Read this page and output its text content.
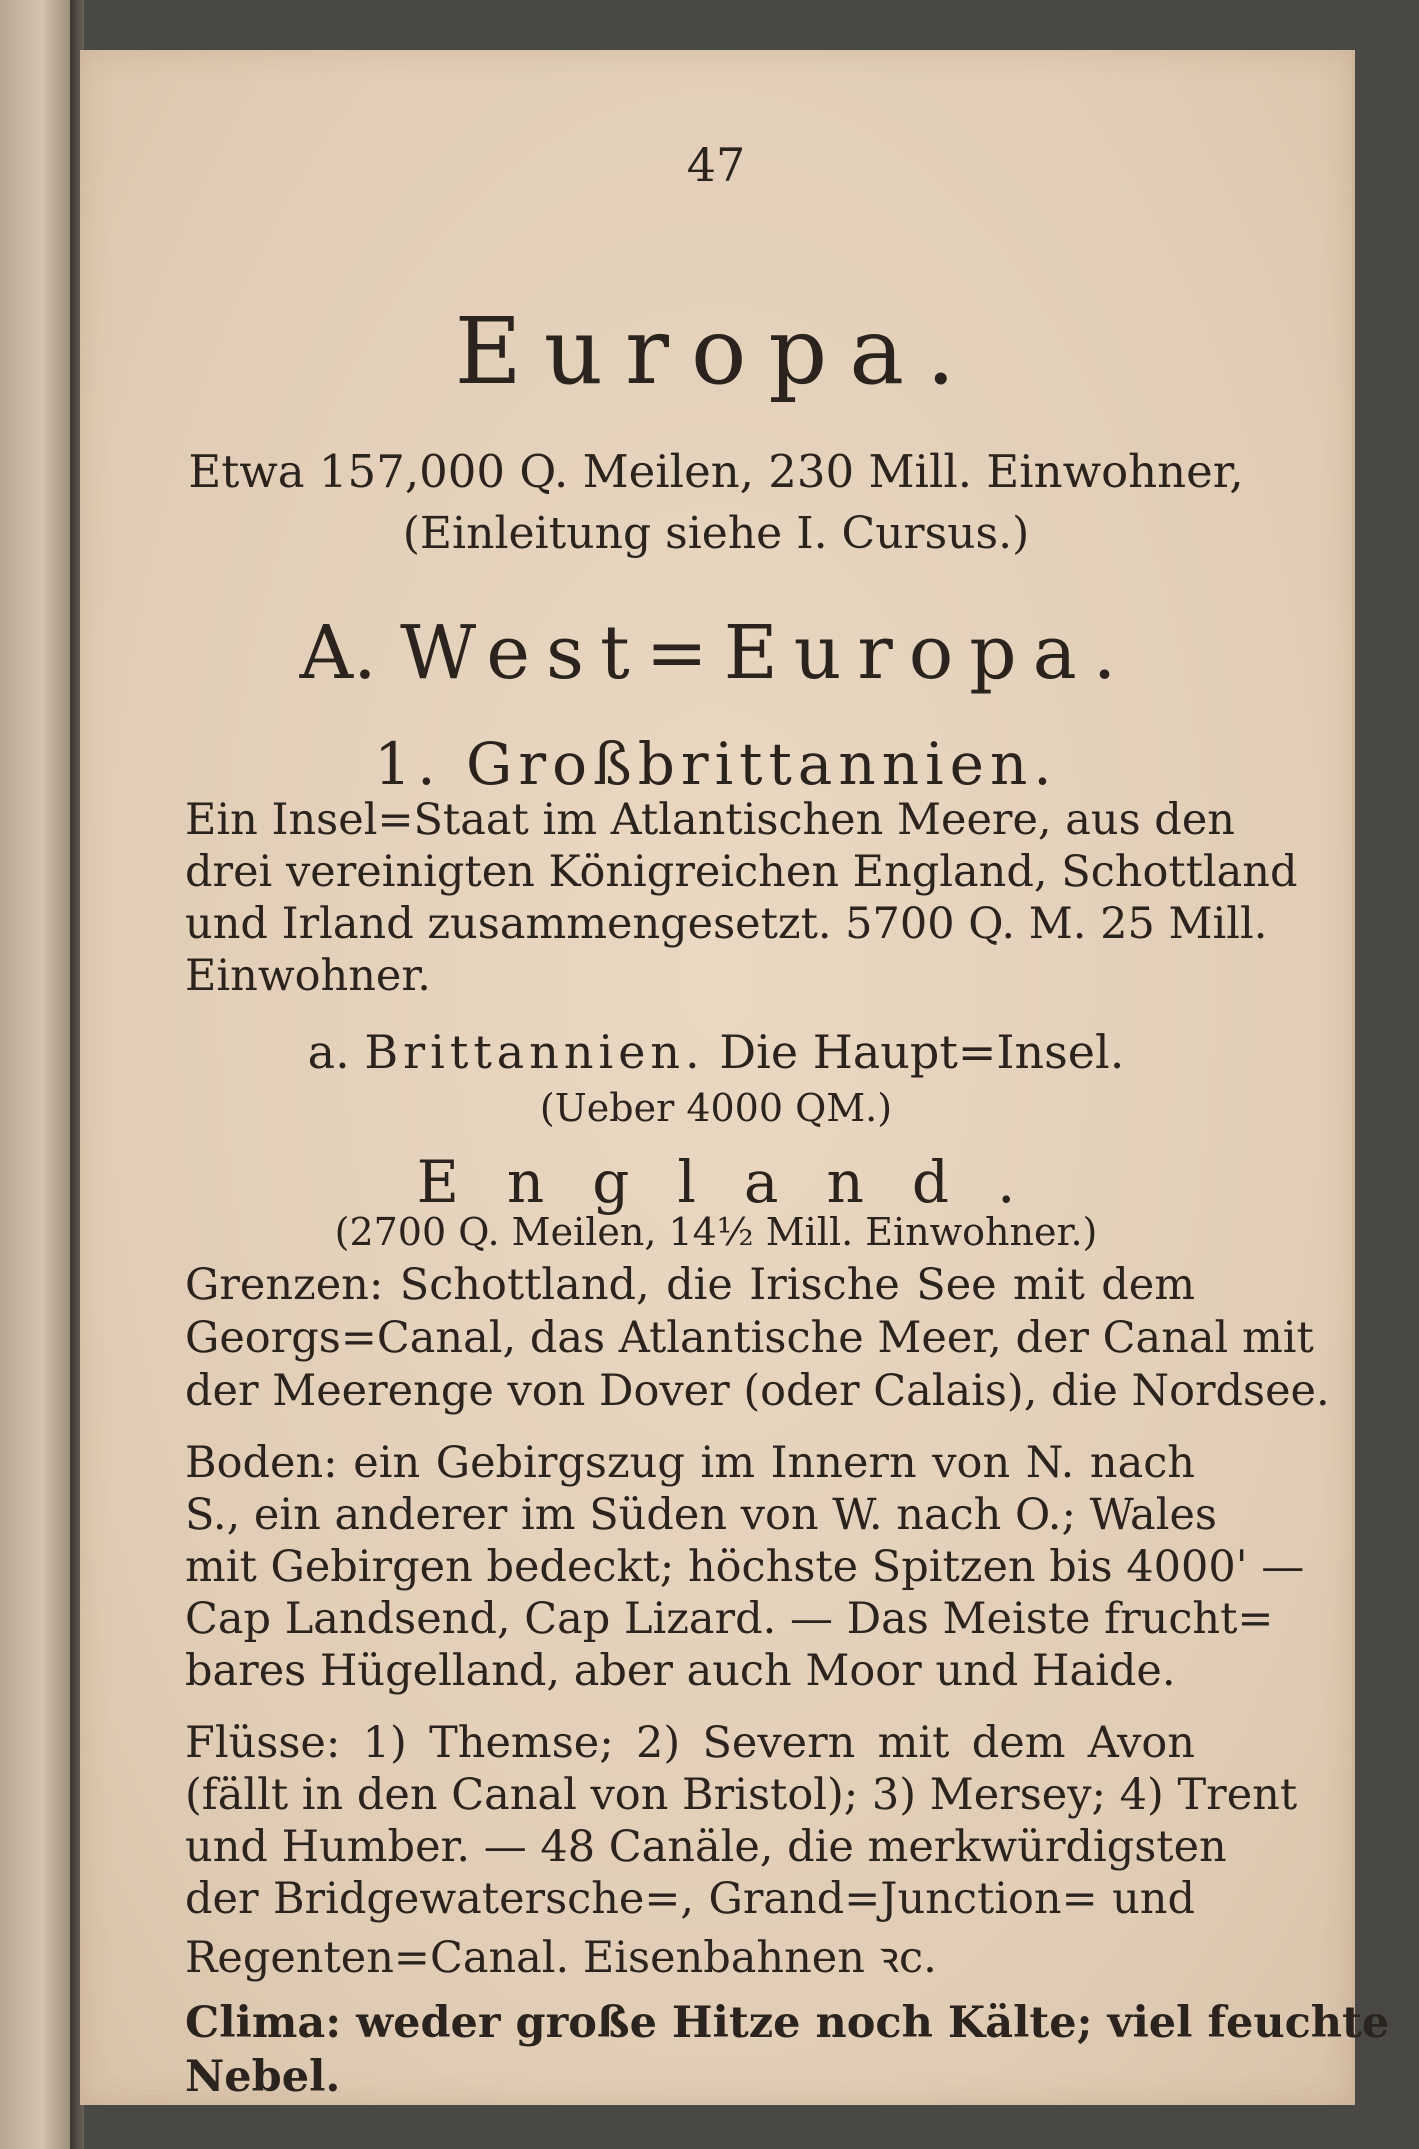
47
Europa.
Etwa 157,000 Q. Meilen, 230 Mill. Einwohner,
(Einleitung siehe I. Cursus.)
A. West=Europa.
1. Großbrittannien.
Ein Insel=Staat im Atlantischen Meere, aus den
drei vereinigten Königreichen England, Schottland
und Irland zusammengesetzt. 5700 Q. M. 25 Mill.
Einwohner.
a. Brittannien. Die Haupt=Insel.
(Ueber 4000 QM.)
England.
(2700 Q. Meilen, 14½ Mill. Einwohner.)
Grenzen: Schottland, die Irische See mit dem
Georgs=Canal, das Atlantische Meer, der Canal mit
der Meerenge von Dover (oder Calais), die Nordsee.
Boden: ein Gebirgszug im Innern von N. nach
S., ein anderer im Süden von W. nach O.; Wales
mit Gebirgen bedeckt; höchste Spitzen bis 4000' —
Cap Landsend, Cap Lizard. — Das Meiste frucht=
bares Hügelland, aber auch Moor und Haide.
Flüsse: 1) Themse; 2) Severn mit dem Avon
(fällt in den Canal von Bristol); 3) Mersey; 4) Trent
und Humber. — 48 Canäle, die merkwürdigsten
der Bridgewatersche=, Grand=Junction= und
Regenten=Canal. Eisenbahnen ꝛc.
Clima: weder große Hitze noch Kälte; viel feuchte
Nebel.
